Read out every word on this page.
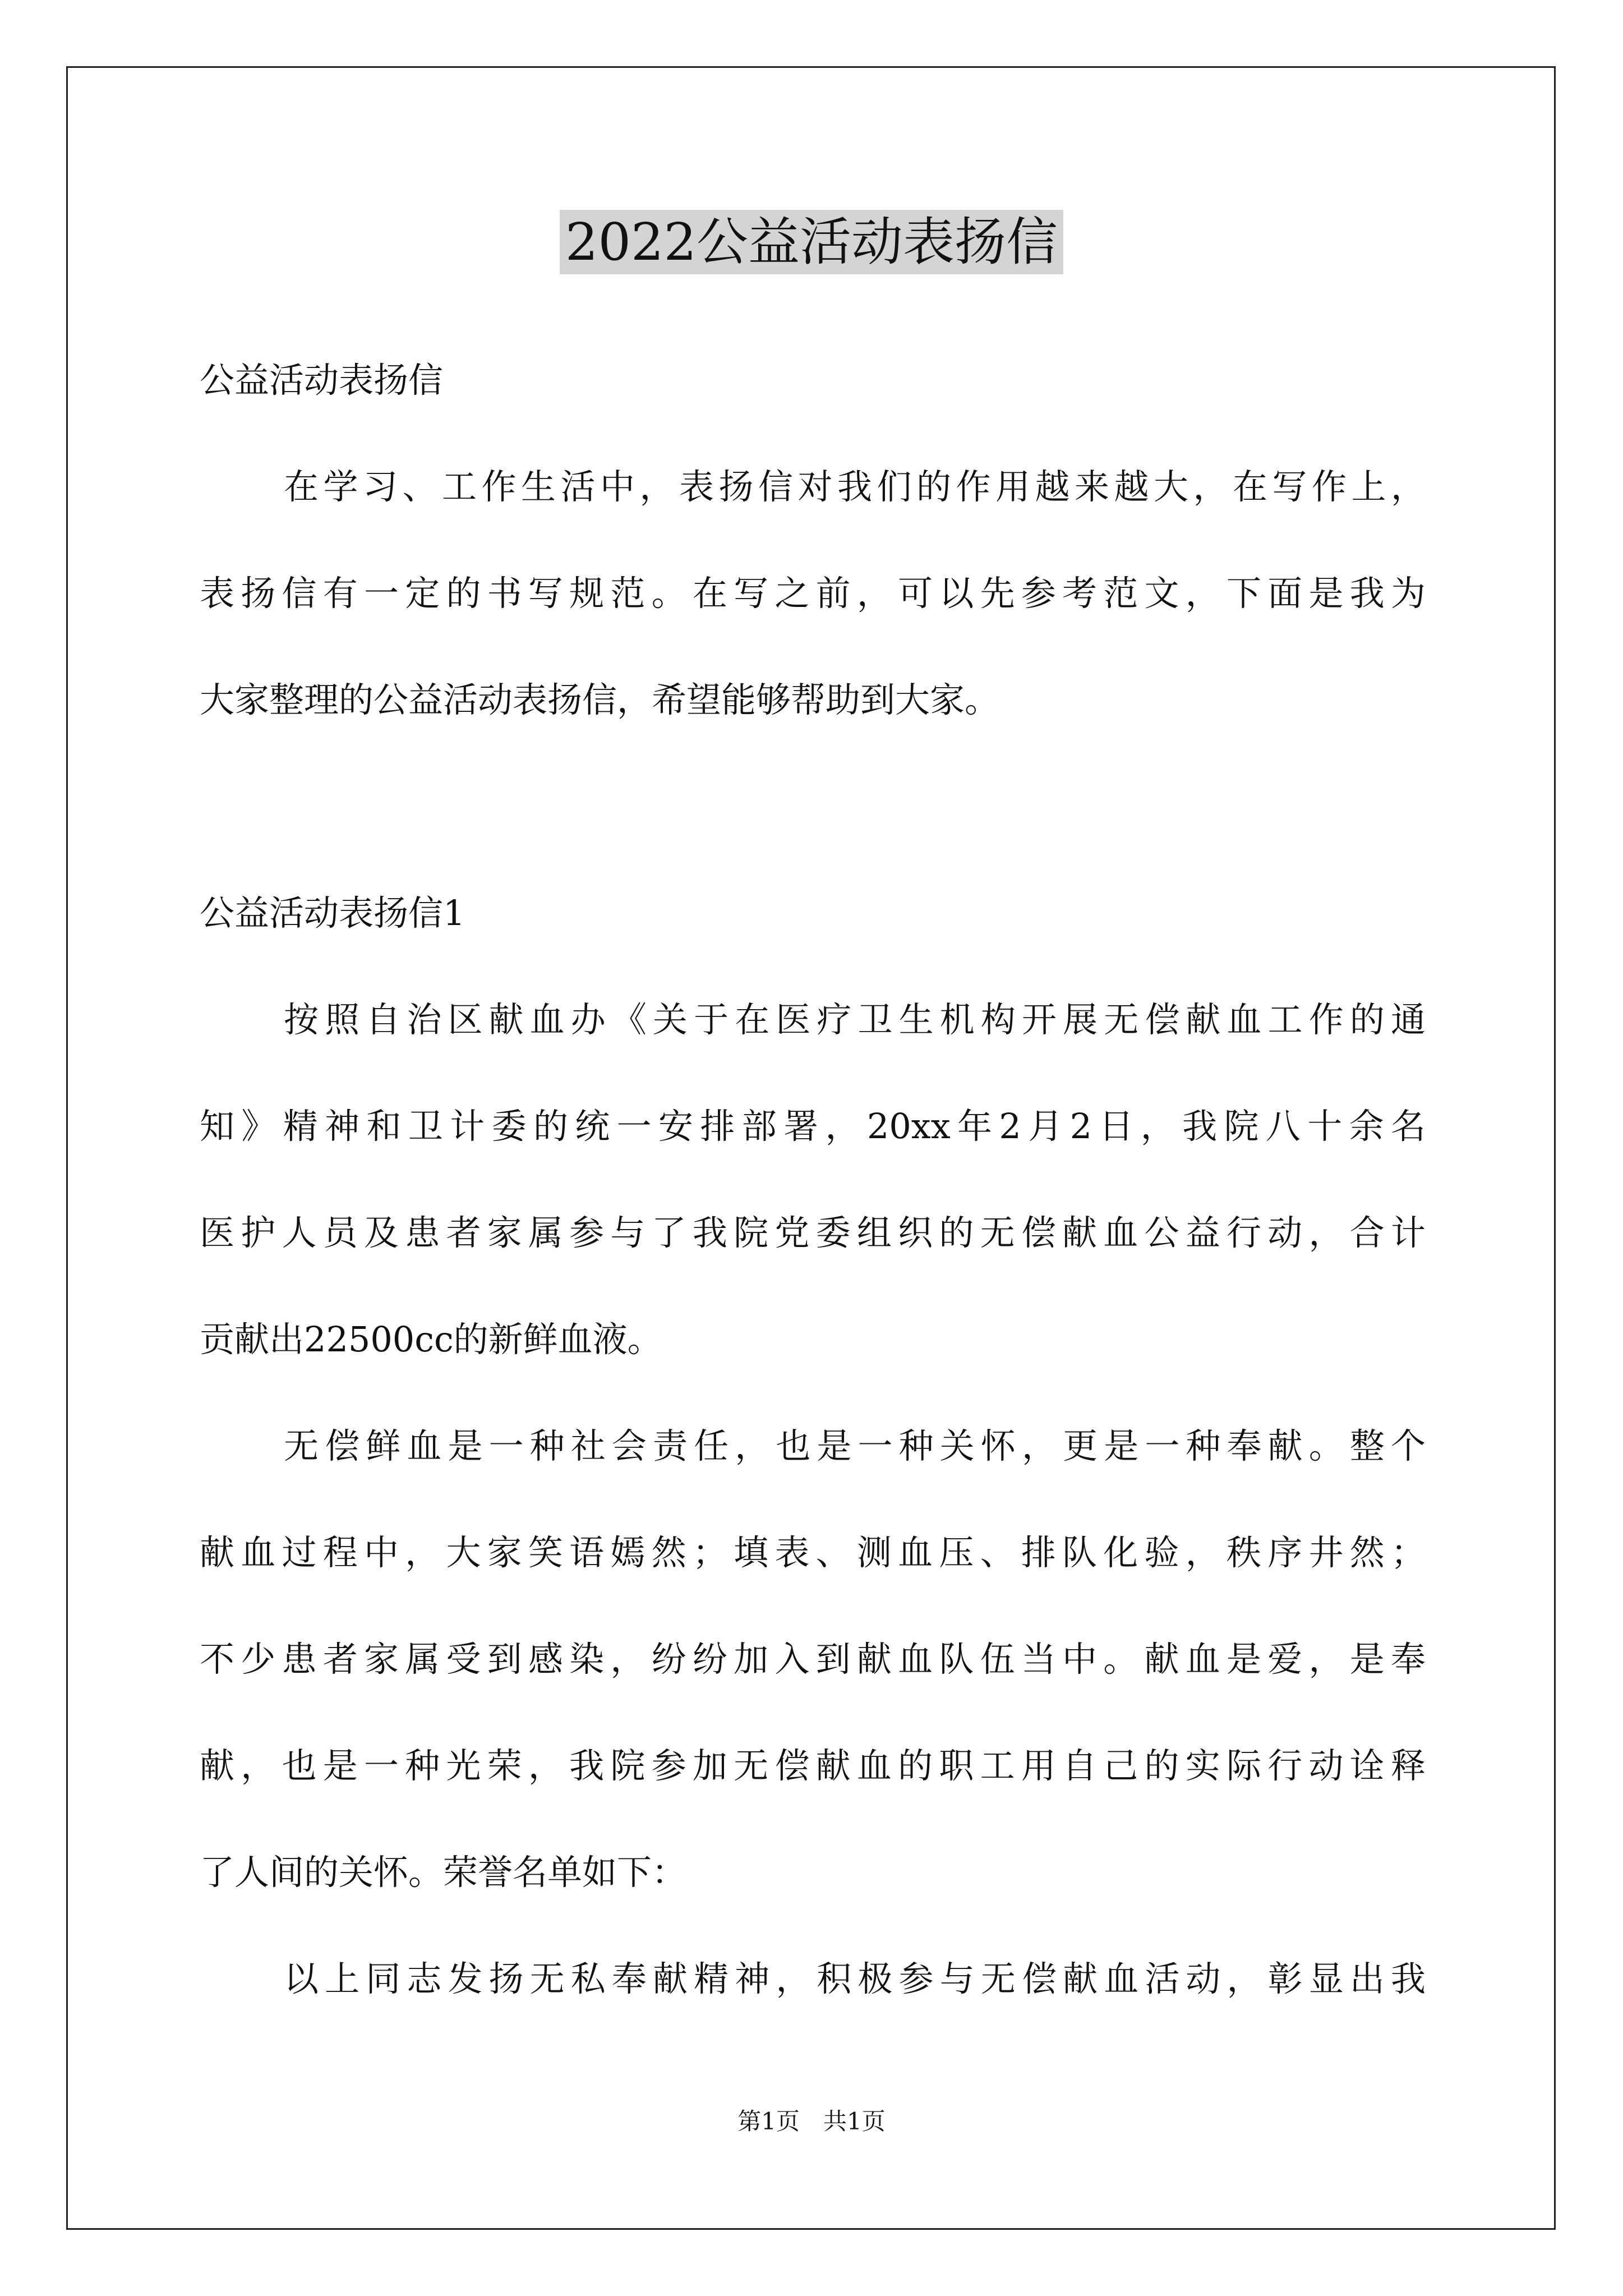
2022公益活动表扬信
公益活动表扬信
在学习、工作生活中，表扬信对我们的作用越来越大，在写作上，
表扬信有一定的书写规范。在写之前，可以先参考范文，下面是我为
大家整理的公益活动表扬信，希望能够帮助到大家。
公益活动表扬信1
按照自治区献血办《关于在医疗卫生机构开展无偿献血工作的通
知》精神和卫计委的统一安排部署，20xx年2月2日，我院八十余名
医护人员及患者家属参与了我院党委组织的无偿献血公益行动，合计
贡献出22500cc的新鲜血液。
无偿鲜血是一种社会责任，也是一种关怀，更是一种奉献。整个
献血过程中，大家笑语嫣然；填表、测血压、排队化验，秩序井然；
不少患者家属受到感染，纷纷加入到献血队伍当中。献血是爱，是奉
献，也是一种光荣，我院参加无偿献血的职工用自己的实际行动诠释
了人间的关怀。荣誉名单如下：
以上同志发扬无私奉献精神，积极参与无偿献血活动，彰显出我
第1页　共1页
